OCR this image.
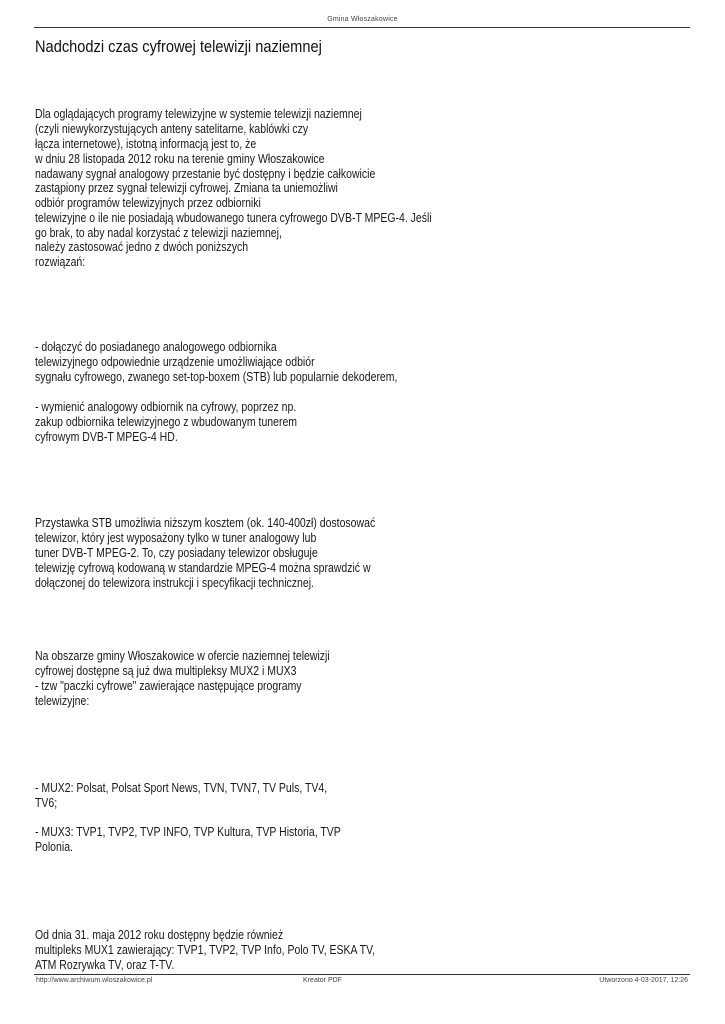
Gmina Włoszakowice
Nadchodzi czas cyfrowej telewizji naziemnej
Dla oglądających programy telewizyjne w systemie telewizji naziemnej
(czyli niewykorzystujących anteny satelitarne, kablówki czy
łącza internetowe), istotną informacją jest to, że
w dniu 28 listopada 2012 roku na terenie gminy Włoszakowice
nadawany sygnał analogowy przestanie być dostępny i będzie całkowicie
zastąpiony przez sygnał telewizji cyfrowej. Zmiana ta uniemożliwi
odbiór programów telewizyjnych przez odbiorniki
telewizyjne o ile nie posiadają wbudowanego tunera cyfrowego DVB-T MPEG-4. Jeśli
go brak, to aby nadal korzystać z telewizji naziemnej,
należy zastosować jedno z dwóch poniższych
rozwiązań:
- dołączyć do posiadanego analogowego odbiornika
telewizyjnego odpowiednie urządzenie umożliwiające odbiór
sygnału cyfrowego, zwanego set-top-boxem (STB) lub popularnie dekoderem,
- wymienić analogowy odbiornik na cyfrowy, poprzez np.
zakup odbiornika telewizyjnego z wbudowanym tunerem
cyfrowym DVB-T MPEG-4 HD.
Przystawka STB umożliwia niższym kosztem (ok. 140-400zł) dostosować
telewizor, który jest wyposażony tylko w tuner analogowy lub
tuner DVB-T MPEG-2. To, czy posiadany telewizor obsługuje
telewizję cyfrową kodowaną w standardzie MPEG-4 można sprawdzić w
dołączonej do telewizora instrukcji i specyfikacji technicznej.
Na obszarze gminy Włoszakowice w ofercie naziemnej telewizji
cyfrowej dostępne są już dwa multipleksy MUX2 i MUX3
- tzw "paczki cyfrowe" zawierające następujące programy
telewizyjne:
- MUX2: Polsat, Polsat Sport News, TVN, TVN7, TV Puls, TV4,
TV6;
- MUX3: TVP1, TVP2, TVP INFO, TVP Kultura, TVP Historia, TVP
Polonia.
Od dnia 31. maja 2012 roku dostępny będzie również
multipleks MUX1 zawierający: TVP1, TVP2, TVP Info, Polo TV, ESKA TV,
ATM Rozrywka TV, oraz T-TV.
http://www.archiwum.wloszakowice.pl	Kreator PDF	Utworzono 4-03-2017, 12:26
